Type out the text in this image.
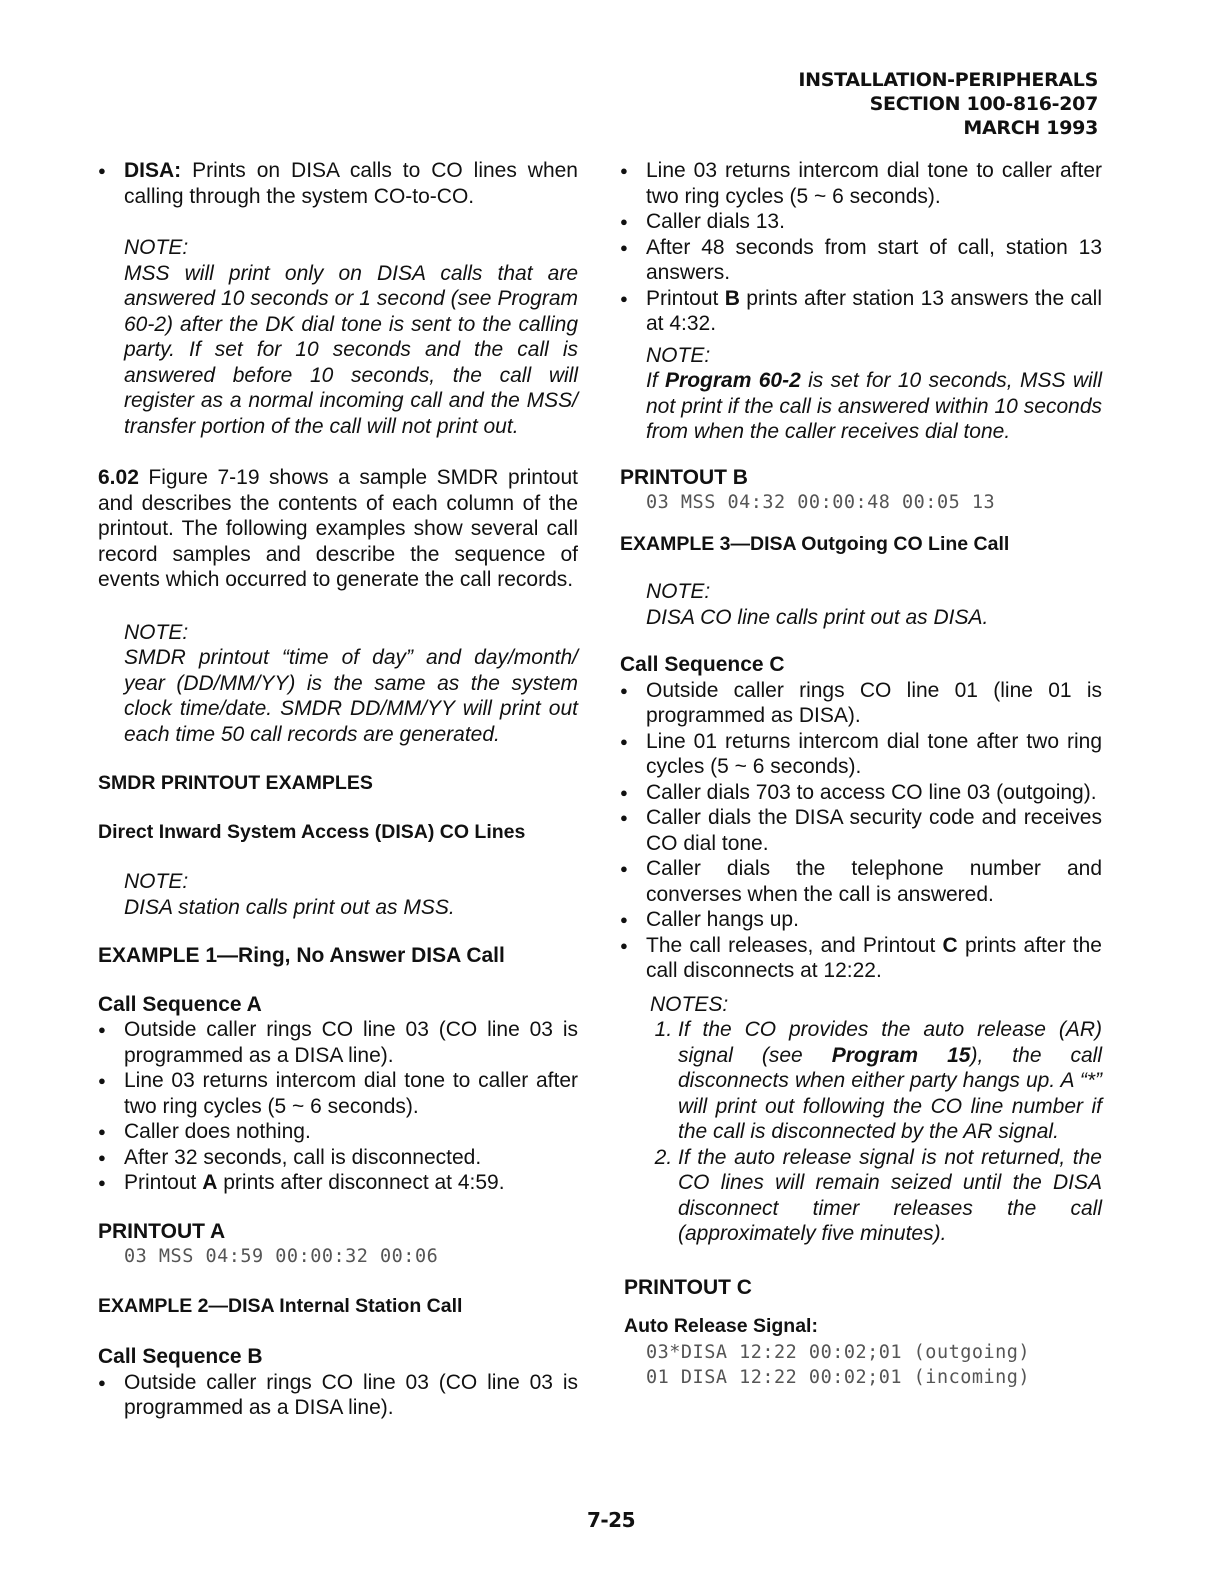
INSTALLATION-PERIPHERALS
SECTION 100-816-207
MARCH 1993
● DISA: Prints on DISA calls to CO lines when calling through the system CO-to-CO.
NOTE:
MSS will print only on DISA calls that are answered 10 seconds or 1 second (see Program 60-2) after the DK dial tone is sent to the calling party. If set for 10 seconds and the call is answered before 10 seconds, the call will register as a normal incoming call and the MSS/ transfer portion of the call will not print out.

6.02 Figure 7-19 shows a sample SMDR printout and describes the contents of each column of the printout. The following examples show several call record samples and describe the sequence of events which occurred to generate the call records.

NOTE:
SMDR printout “time of day” and day/month/ year (DD/MM/YY) is the same as the system clock time/date. SMDR DD/MM/YY will print out each time 50 call records are generated.
SMDR PRINTOUT EXAMPLES
Direct Inward System Access (DISA) CO Lines
NOTE:
DISA station calls print out as MSS.
EXAMPLE 1—Ring, No Answer DISA Call
Call Sequence A
● Outside caller rings CO line 03 (CO line 03 is programmed as a DISA line).
● Line 03 returns intercom dial tone to caller after two ring cycles (5 ~ 6 seconds).
● Caller does nothing.
● After 32 seconds, call is disconnected.
● Printout A prints after disconnect at 4:59.
PRINTOUT A
03 MSS 04:59 00:00:32 00:06
EXAMPLE 2—DISA Internal Station Call
Call Sequence B
● Outside caller rings CO line 03 (CO line 03 is programmed as a DISA line).
● Line 03 returns intercom dial tone to caller after two ring cycles (5 ~ 6 seconds).
● Caller dials 13.
● After 48 seconds from start of call, station 13 answers.
● Printout B prints after station 13 answers the call at 4:32.
NOTE:
If Program 60-2 is set for 10 seconds, MSS will not print if the call is answered within 10 seconds from when the caller receives dial tone.
PRINTOUT B
03 MSS 04:32 00:00:48 00:05 13
EXAMPLE 3—DISA Outgoing CO Line Call
NOTE:
DISA CO line calls print out as DISA.
Call Sequence C
● Outside caller rings CO line 01 (line 01 is programmed as DISA).
● Line 01 returns intercom dial tone after two ring cycles (5 ~ 6 seconds).
● Caller dials 703 to access CO line 03 (outgoing).
● Caller dials the DISA security code and receives CO dial tone.
● Caller dials the telephone number and converses when the call is answered.
● Caller hangs up.
● The call releases, and Printout C prints after the call disconnects at 12:22.
NOTES:
1. If the CO provides the auto release (AR) signal (see Program 15), the call disconnects when either party hangs up. A “*” will print out following the CO line number if the call is disconnected by the AR signal.
2. If the auto release signal is not returned, the CO lines will remain seized until the DISA disconnect timer releases the call (approximately five minutes).
PRINTOUT C
Auto Release Signal:
03*DISA 12:22 00:02;01 (outgoing)
01 DISA 12:22 00:02;01 (incoming)
7-25
